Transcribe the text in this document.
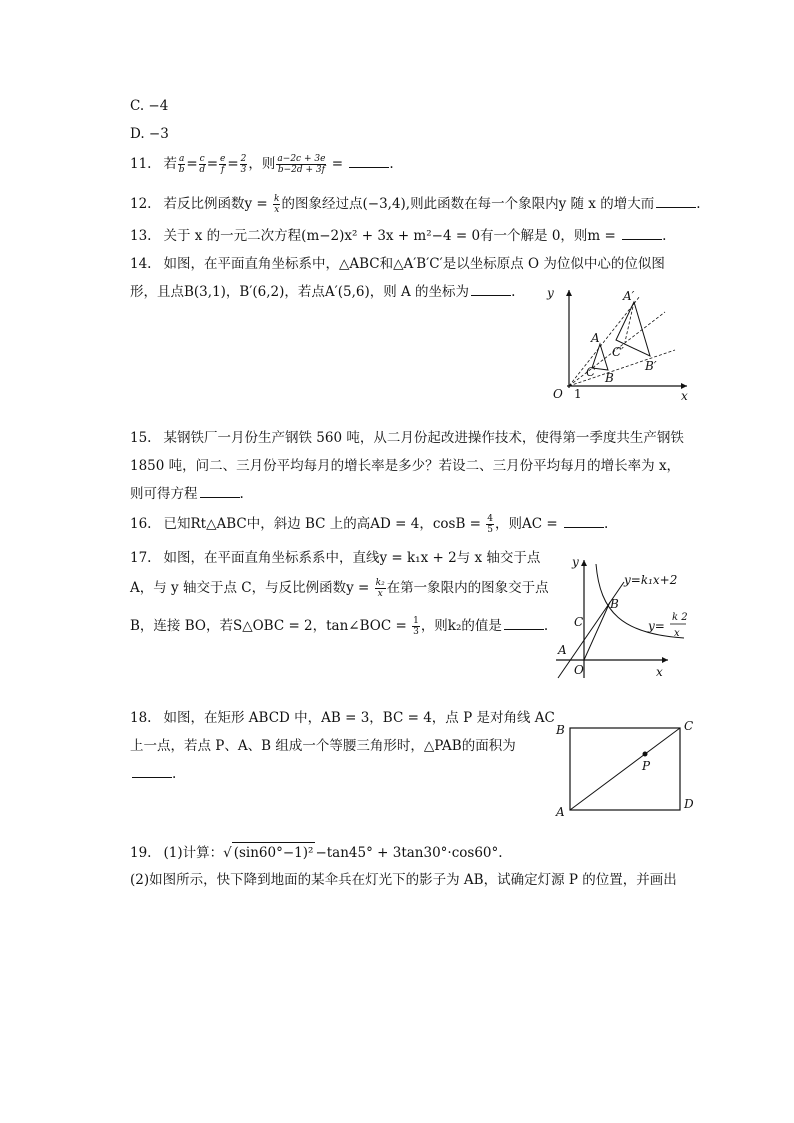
C. −4
D. −3
11. 若 $\frac{a}{b} = \frac{c}{d} = \frac{e}{f} = \frac{2}{3}$ ，则 $\frac{a-2c + 3e}{b-2d + 3f}$ =	.
12. 若反比例函数$y = \frac{k}{x}$ 的图象经过点(−3,4),则此函数在每一个象限内y 随 x 的增大而	.
13. 关于 x 的一元二次方程(m−2)x² + 3x + m²−4 = 0有一个解是 0，则m =	.
14. 如图，在平面直角坐标系中，△ABC和△A′B′C′是以坐标原点 O 为位似中心的位似图
形，且点B(3,1)，B′(6,2)，若点A′(5,6)，则 A 的坐标为	.	y
x
O 1
A
C B
A′
C′
B′
15. 某钢铁厂一月份生产钢铁 560 吨，从二月份起改进操作技术，使得第一季度共生产钢铁
1850 吨，问二、三月份平均每月的增长率是多少？若设二、三月份平均每月的增长率为 x，
则可得方程	.
16. 已知Rt△ABC中，斜边 BC 上的高AD = 4，$\cos B = \frac{4}{5}$ ，则AC =	.
17. 如图，在平面直角坐标系系中，直线y = k₁x + 2与 x 轴交于点
A，与 y 轴交于点 C，与反比例函数$y = \frac{\text{k₂}}{x}$ 在第一象限内的图象交于点
B，连接 BO，若S△OBC = 2，tan∠BOC = $\frac{1}{3}$ ，则k₂的值是	.
y
x
O
A
B
C
y=k₁x+2
y=
k 2
x
18. 如图，在矩形 ABCD 中，AB = 3，BC = 4，点 P 是对角线 AC
上一点，若点 P、A、B 组成一个等腰三角形时，△PAB的面积为
.
B	C
A
D
P
19. (1)计算：√ (sin60°−1)² −tan45° + 3tan30°·cos60°.
(2)如图所示，快下降到地面的某伞兵在灯光下的影子为 AB，试确定灯源 P 的位置，并画出
